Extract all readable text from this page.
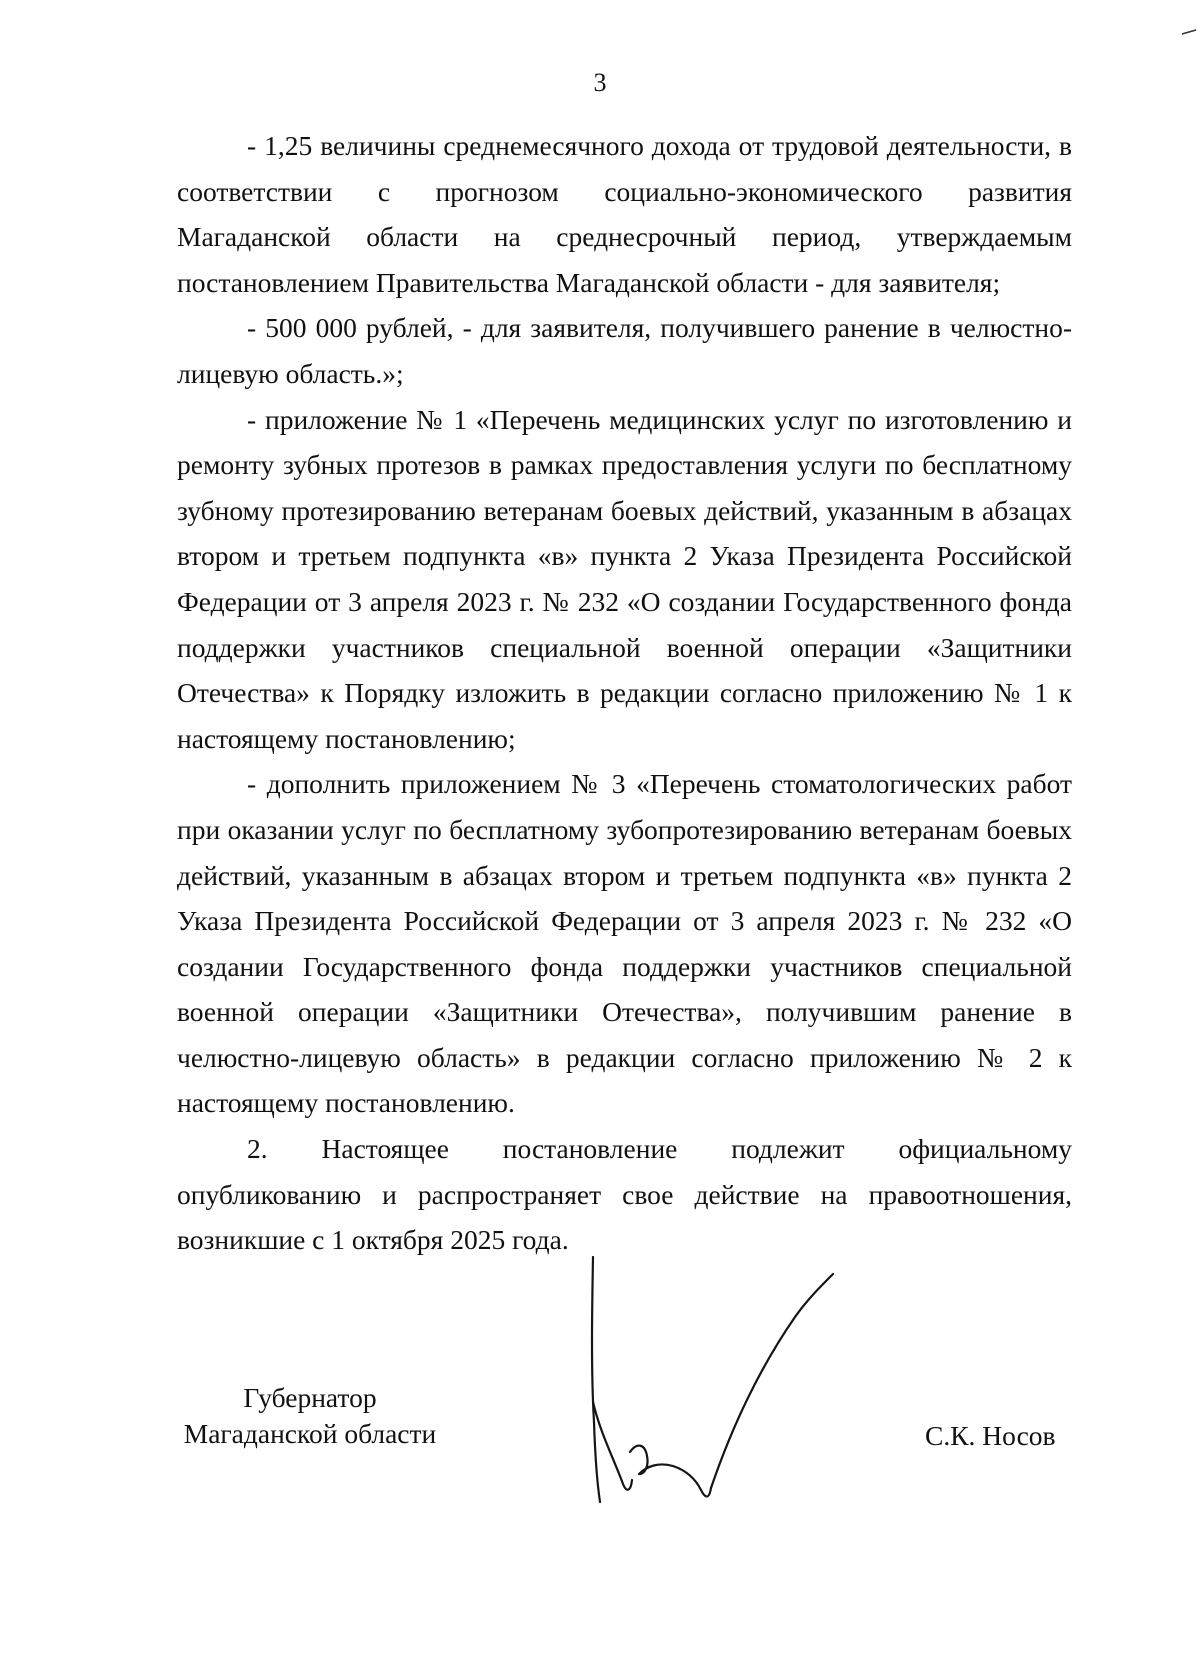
3

- 1,25 величины среднемесячного дохода от трудовой деятельности, в соответствии с прогнозом социально-экономического развития Магаданской области на среднесрочный период, утверждаемым постановлением Правительства Магаданской области - для заявителя;

- 500 000 рублей, - для заявителя, получившего ранение в челюстно-лицевую область.»;

- приложение № 1 «Перечень медицинских услуг по изготовлению и ремонту зубных протезов в рамках предоставления услуги по бесплатному зубному протезированию ветеранам боевых действий, указанным в абзацах втором и третьем подпункта «в» пункта 2 Указа Президента Российской Федерации от 3 апреля 2023 г. № 232 «О создании Государственного фонда поддержки участников специальной военной операции «Защитники Отечества» к Порядку изложить в редакции согласно приложению № 1 к настоящему постановлению;

- дополнить приложением № 3 «Перечень стоматологических работ при оказании услуг по бесплатному зубопротезированию ветеранам боевых действий, указанным в абзацах втором и третьем подпункта «в» пункта 2 Указа Президента Российской Федерации от 3 апреля 2023 г. № 232 «О создании Государственного фонда поддержки участников специальной военной операции «Защитники Отечества», получившим ранение в челюстно-лицевую область» в редакции согласно приложению № 2 к настоящему постановлению.

2. Настоящее постановление подлежит официальному опубликованию и распространяет свое действие на правоотношения, возникшие с 1 октября 2025 года.

Губернатор
Магаданской области	С.К. Носов
